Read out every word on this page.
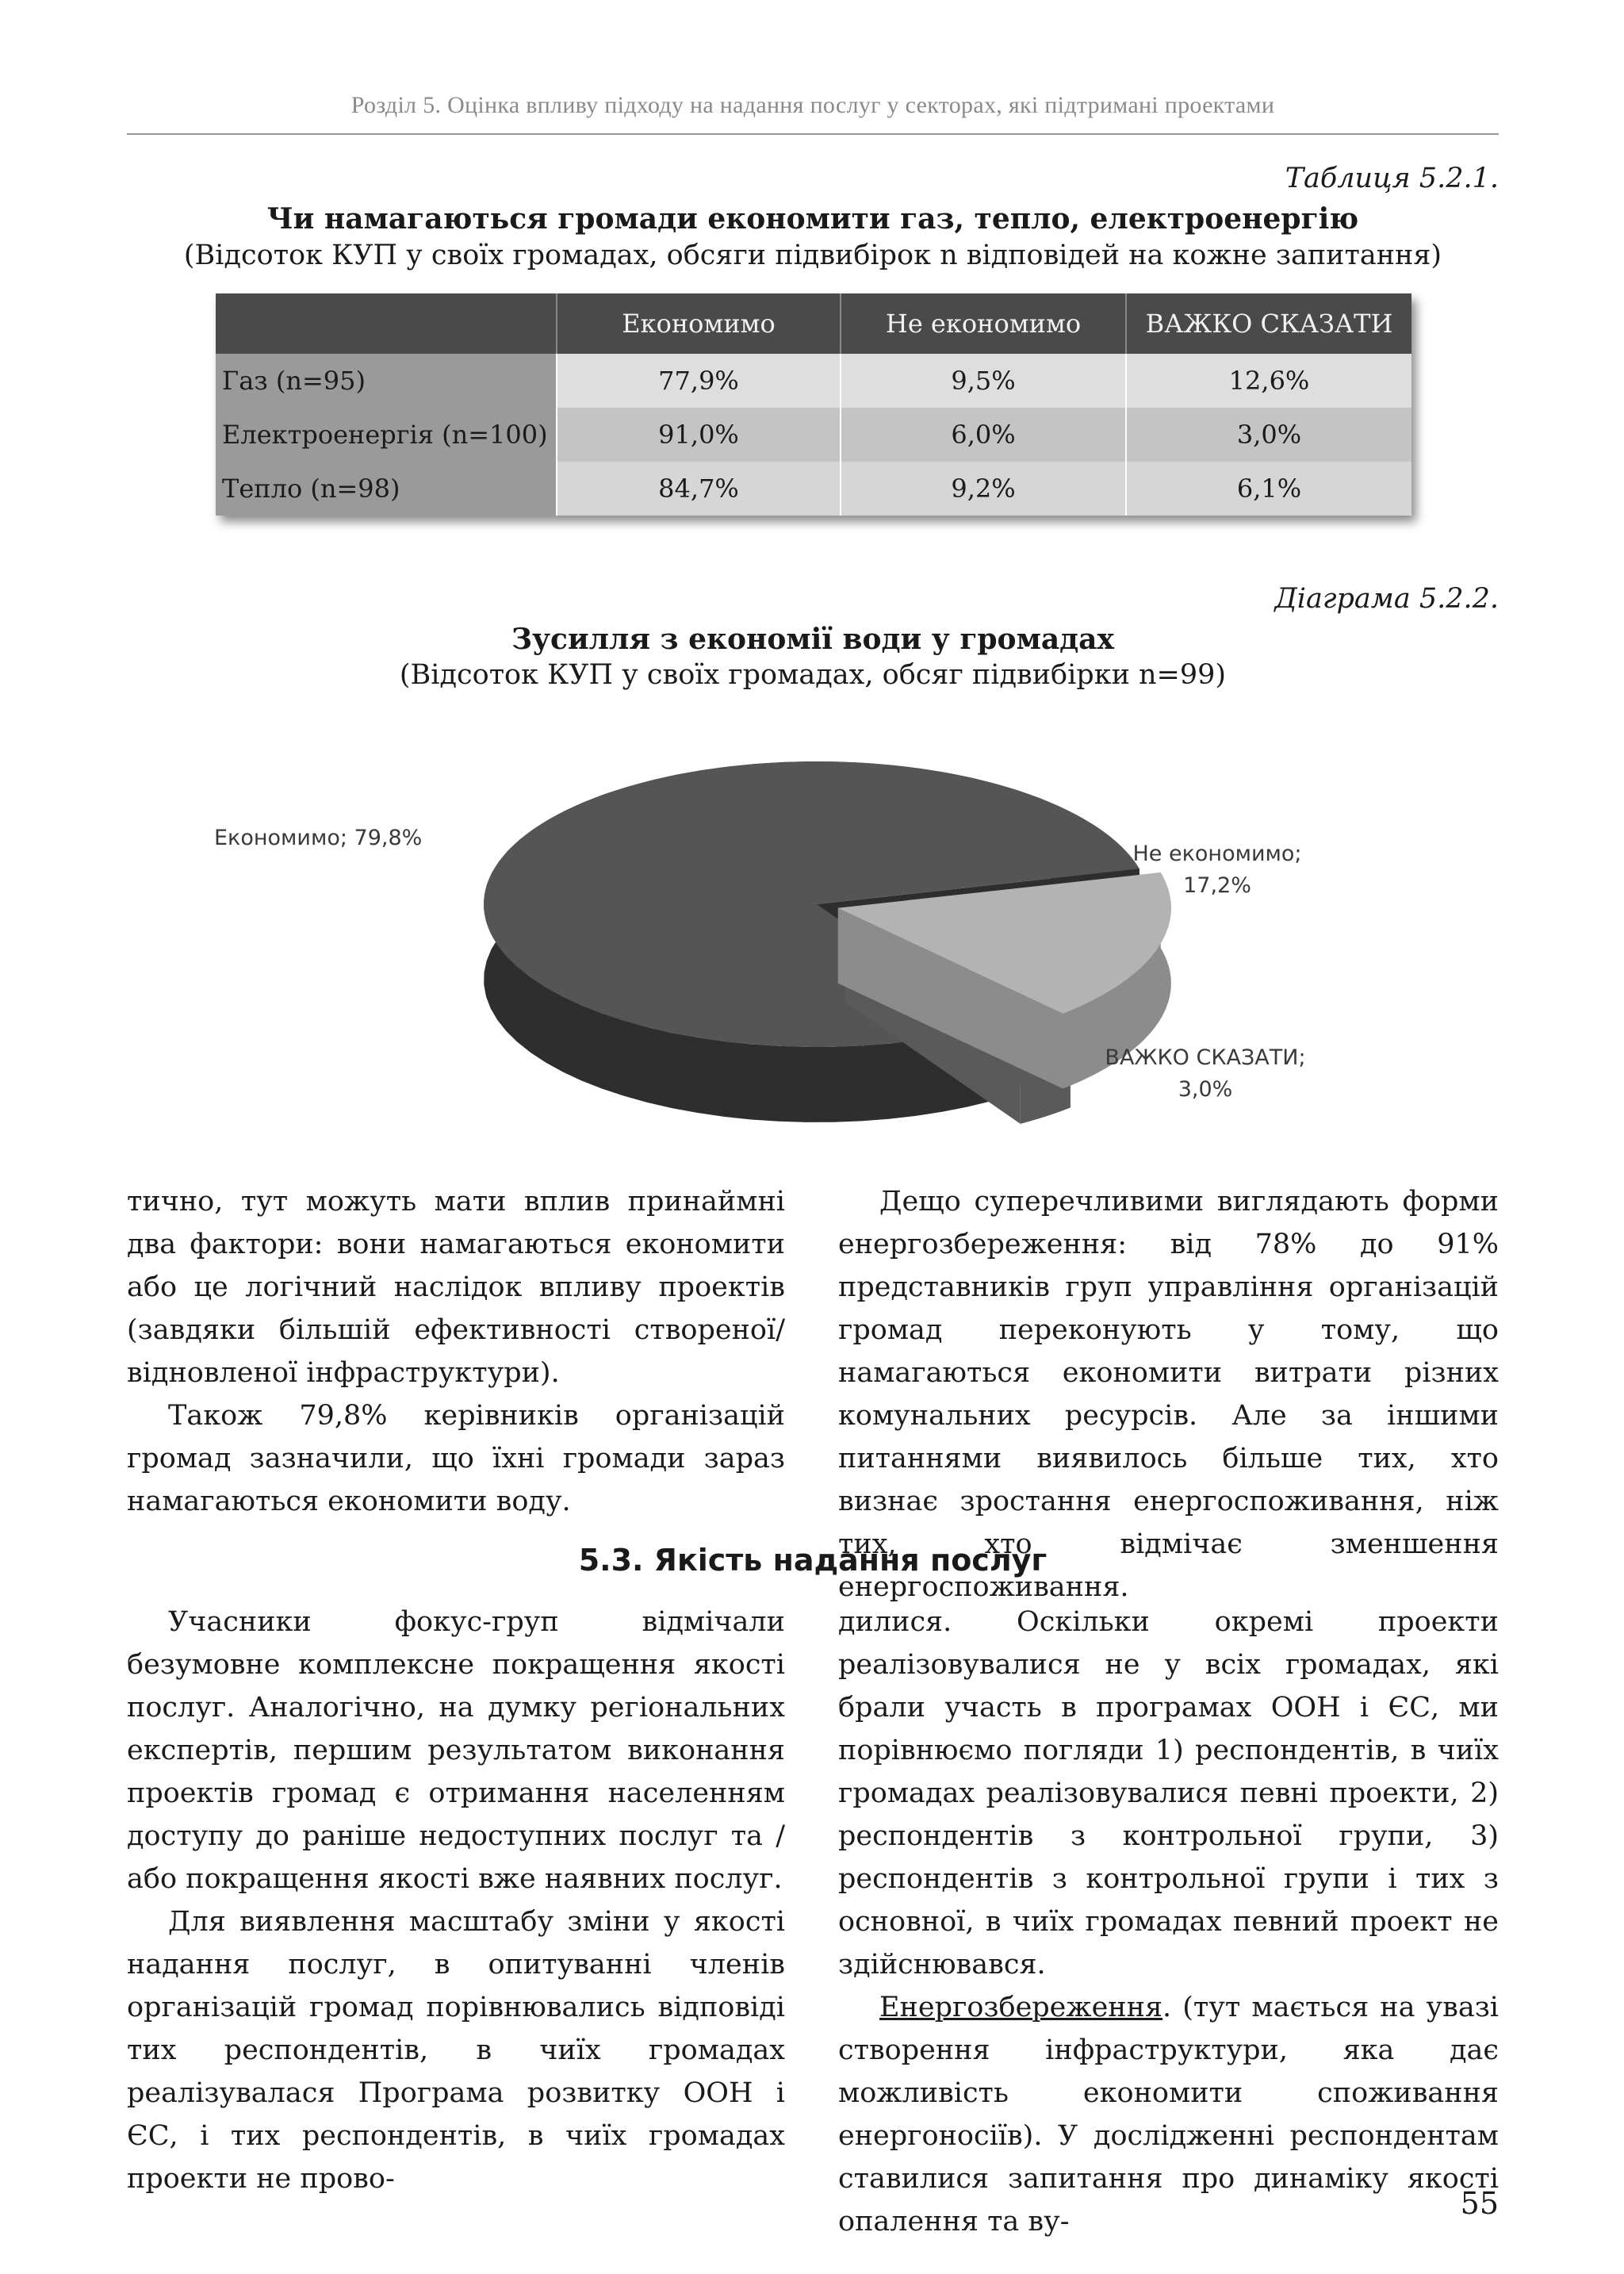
Розділ 5. Оцінка впливу підходу на надання послуг у секторах, які підтримані проектами
Таблиця 5.2.1.
Чи намагаються громади економити газ, тепло, електроенергію
(Відсоток КУП у своїх громадах, обсяги підвибірок n відповідей на кожне запитання)
	Економимо	Не економимо	ВАЖКО СКАЗАТИ
Газ (n=95)	77,9%	9,5%	12,6%
Електроенергія (n=100)	91,0%	6,0%	3,0%
Тепло (n=98)	84,7%	9,2%	6,1%
Діаграма 5.2.2.
Зусилля з економії води у громадах
(Відсоток КУП у своїх громадах, обсяг підвибірки n=99)
Економимо; 79,8%
Не економимо;
17,2%
ВАЖКО СКАЗАТИ;
3,0%

тично, тут можуть мати вплив принаймні два фактори: вони намагаються економити або це логічний наслідок впливу проектів (завдяки більшій ефективності створеної/відновленої інфраструктури).

Також 79,8% керівників організацій громад зазначили, що їхні громади зараз намагаються економити воду.

Дещо суперечливими виглядають форми енергозбереження: від 78% до 91% представників груп управління організацій громад переконують у тому, що намагаються економити витрати різних комунальних ресурсів. Але за іншими питаннями виявилось більше тих, хто визнає зростання енергоспоживання, ніж тих, хто відмічає зменшення енергоспоживання.

5.3. Якість надання послуг

Учасники фокус-груп відмічали безумовне комплексне покращення якості послуг. Аналогічно, на думку регіональних експертів, першим результатом виконання проектів громад є отримання населенням доступу до раніше недоступних послуг та / або покращення якості вже наявних послуг.

Для виявлення масштабу зміни у якості надання послуг, в опитуванні членів організацій громад порівнювались відповіді тих респондентів, в чиїх громадах реалізувалася Програма розвитку ООН і ЄС, і тих респондентів, в чиїх громадах проекти не прово-

дилися. Оскільки окремі проекти реалізовувалися не у всіх громадах, які брали участь в програмах ООН і ЄС, ми порівнюємо погляди 1) респондентів, в чиїх громадах реалізовувалися певні проекти, 2) респондентів з контрольної групи, 3) респондентів з контрольної групи і тих з основної, в чиїх громадах певний проект не здійснювався.

Енергозбереження. (тут мається на увазі створення інфраструктури, яка дає можливість економити споживання енергоносіїв). У дослідженні респондентам ставилися запитання про динаміку якості опалення та ву-

55
